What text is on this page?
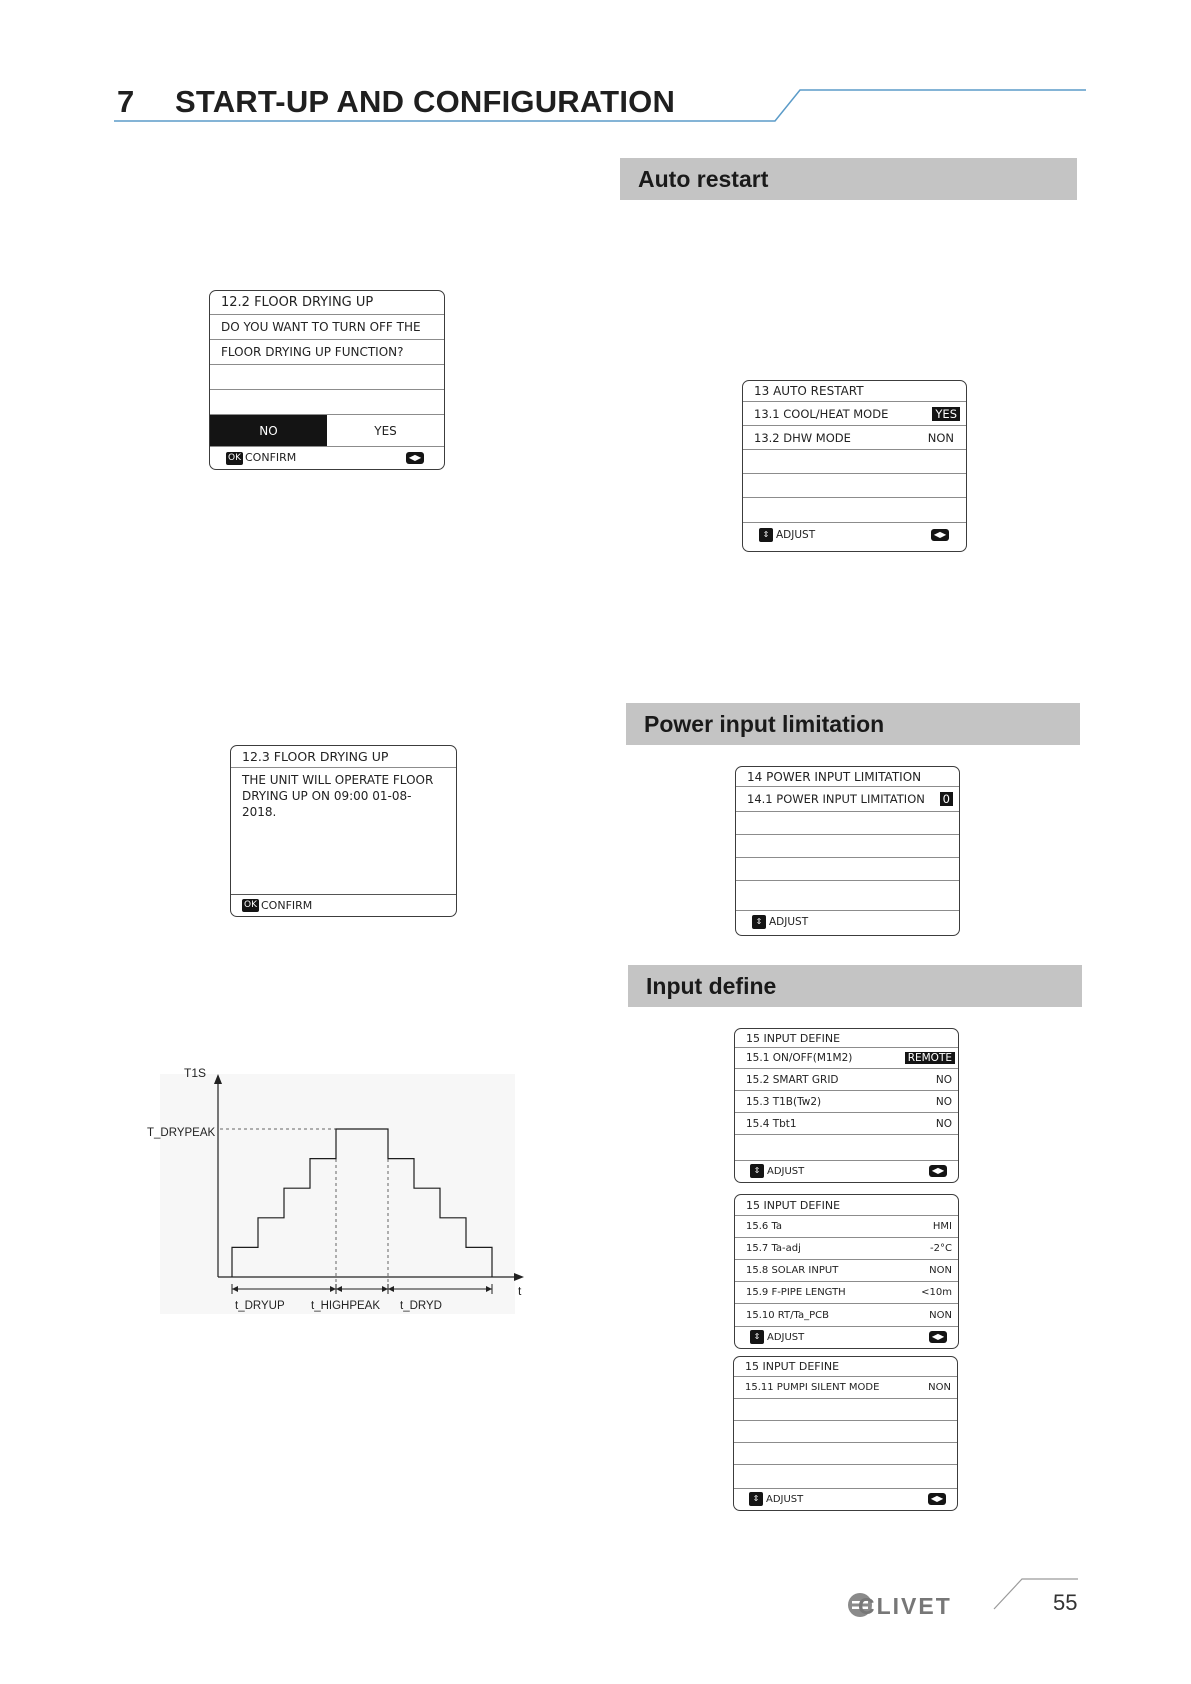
7 START-UP AND CONFIGURATION
Auto restart
Power input limitation
Input define
12.2 FLOOR DRYING UP
DO YOU WANT TO TURN OFF THE
FLOOR DRYING UP FUNCTION?
NO	YES
OK CONFIRM	◀▶
12.3 FLOOR DRYING UP
THE UNIT WILL OPERATE FLOOR
DRYING UP ON 09:00 01-08-2018.
OK CONFIRM
13 AUTO RESTART
13.1 COOL/HEAT MODE	YES
13.2 DHW MODE	NON
⇕ ADJUST	◀▶
14 POWER INPUT LIMITATION
14.1 POWER INPUT LIMITATION 0
⇕ ADJUST
15 INPUT DEFINE
15.1 ON/OFF(M1M2)	REMOTE
15.2 SMART GRID	NO
15.3 T1B(Tw2)	NO
15.4 Tbt1	NO
⇕ ADJUST	◀▶
15 INPUT DEFINE
15.6 Ta	HMI
15.7 Ta-adj	-2°C
15.8 SOLAR INPUT	NON
15.9 F-PIPE LENGTH	<10m
15.10 RT/Ta_PCB	NON
⇕ ADJUST	◀▶
15 INPUT DEFINE
15.11 PUMPI SILENT MODE	NON
⇕ ADJUST	◀▶
T1S
t
T_DRYPEAK
t_DRYUP t_HIGHPEAK t_DRYD
CLIVET	55
